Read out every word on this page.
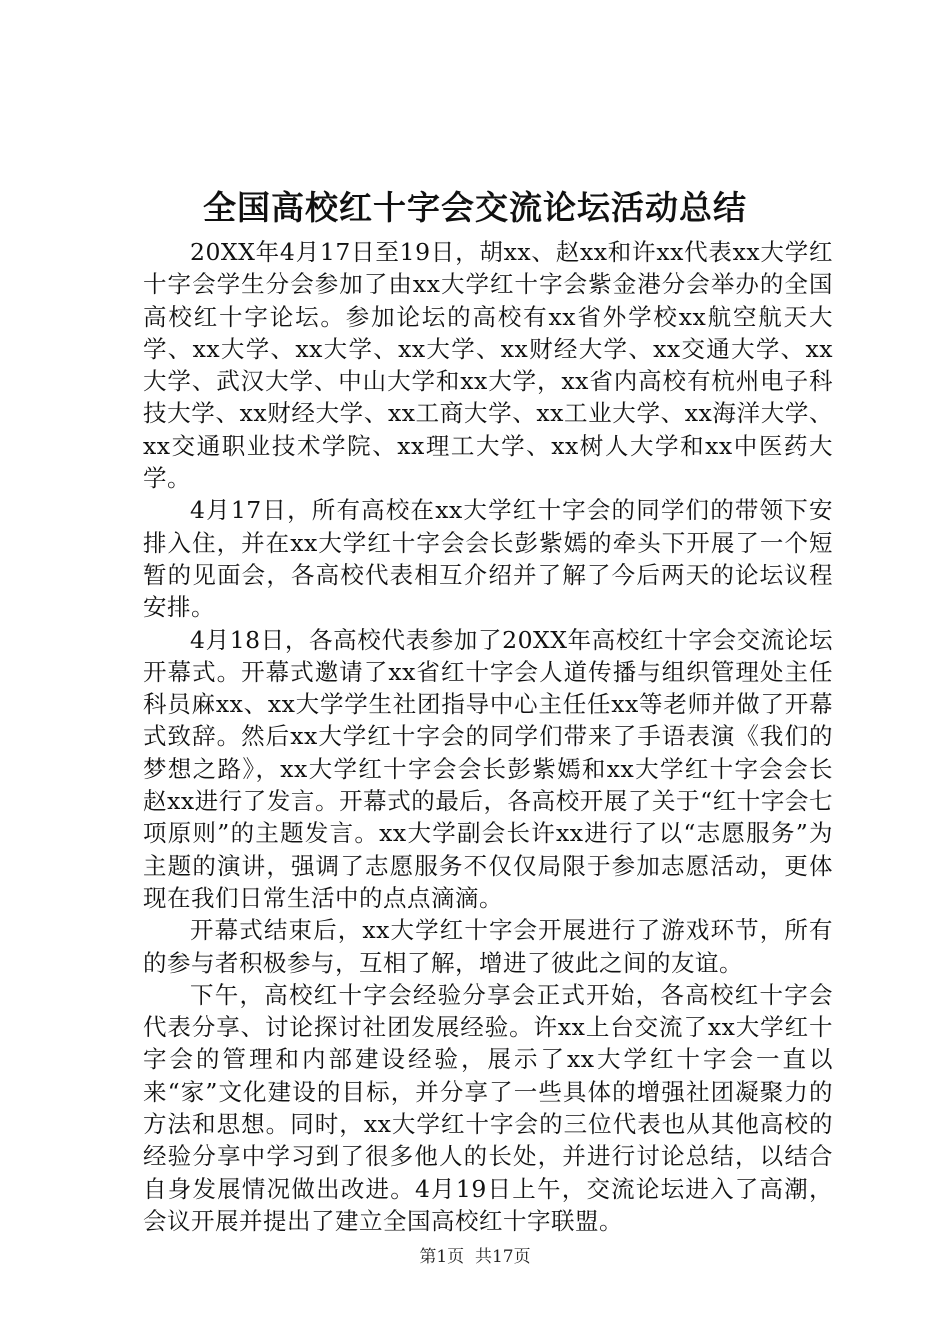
全国高校红十字会交流论坛活动总结

20XX年4月17日至19日，胡xx、赵xx和许xx代表xx大学红十字会学生分会参加了由xx大学红十字会紫金港分会举办的全国高校红十字论坛。参加论坛的高校有xx省外学校xx航空航天大学、xx大学、xx大学、xx大学、xx财经大学、xx交通大学、xx大学、武汉大学、中山大学和xx大学，xx省内高校有杭州电子科技大学、xx财经大学、xx工商大学、xx工业大学、xx海洋大学、xx交通职业技术学院、xx理工大学、xx树人大学和xx中医药大学。

4月17日，所有高校在xx大学红十字会的同学们的带领下安排入住，并在xx大学红十字会会长彭紫嫣的牵头下开展了一个短暂的见面会，各高校代表相互介绍并了解了今后两天的论坛议程安排。

4月18日，各高校代表参加了20XX年高校红十字会交流论坛开幕式。开幕式邀请了xx省红十字会人道传播与组织管理处主任科员麻xx、xx大学学生社团指导中心主任任xx等老师并做了开幕式致辞。然后xx大学红十字会的同学们带来了手语表演《我们的梦想之路》，xx大学红十字会会长彭紫嫣和xx大学红十字会会长赵xx进行了发言。开幕式的最后，各高校开展了关于“红十字会七项原则”的主题发言。xx大学副会长许xx进行了以“志愿服务”为主题的演讲，强调了志愿服务不仅仅局限于参加志愿活动，更体现在我们日常生活中的点点滴滴。

开幕式结束后，xx大学红十字会开展进行了游戏环节，所有的参与者积极参与，互相了解，增进了彼此之间的友谊。

下午，高校红十字会经验分享会正式开始，各高校红十字会代表分享、讨论探讨社团发展经验。许xx上台交流了xx大学红十字会的管理和内部建设经验，展示了xx大学红十字会一直以来“家”文化建设的目标，并分享了一些具体的增强社团凝聚力的方法和思想。同时，xx大学红十字会的三位代表也从其他高校的经验分享中学习到了很多他人的长处，并进行讨论总结，以结合自身发展情况做出改进。4月19日上午，交流论坛进入了高潮，会议开展并提出了建立全国高校红十字联盟。

第1页  共17页
